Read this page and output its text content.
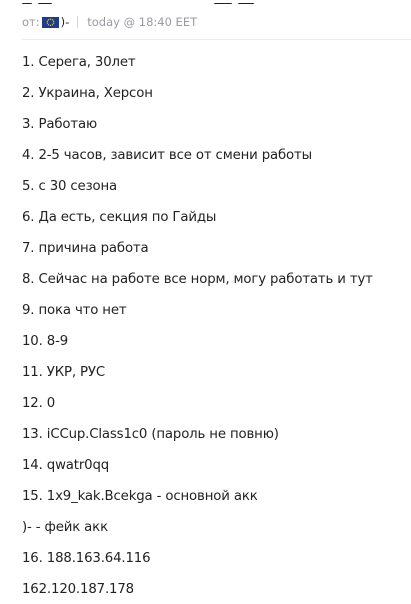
от: )- today @ 18:40 EET
1. Серега, 30лет
2. Украина, Херсон
3. Работаю
4. 2-5 часов, зависит все от смени работы
5. с 30 сезона
6. Да есть, секция по Гайды
7. причина работа
8. Сейчас на работе все норм, могу работать и тут
9. пока что нет
10. 8-9
11. УКР, РУС
12. 0
13. iCCup.Class1c0 (пароль не повню)
14. qwatr0qq
15. 1x9_kak.Bcekga - основной акк
)- - фейк акк
16. 188.163.64.116
162.120.187.178
